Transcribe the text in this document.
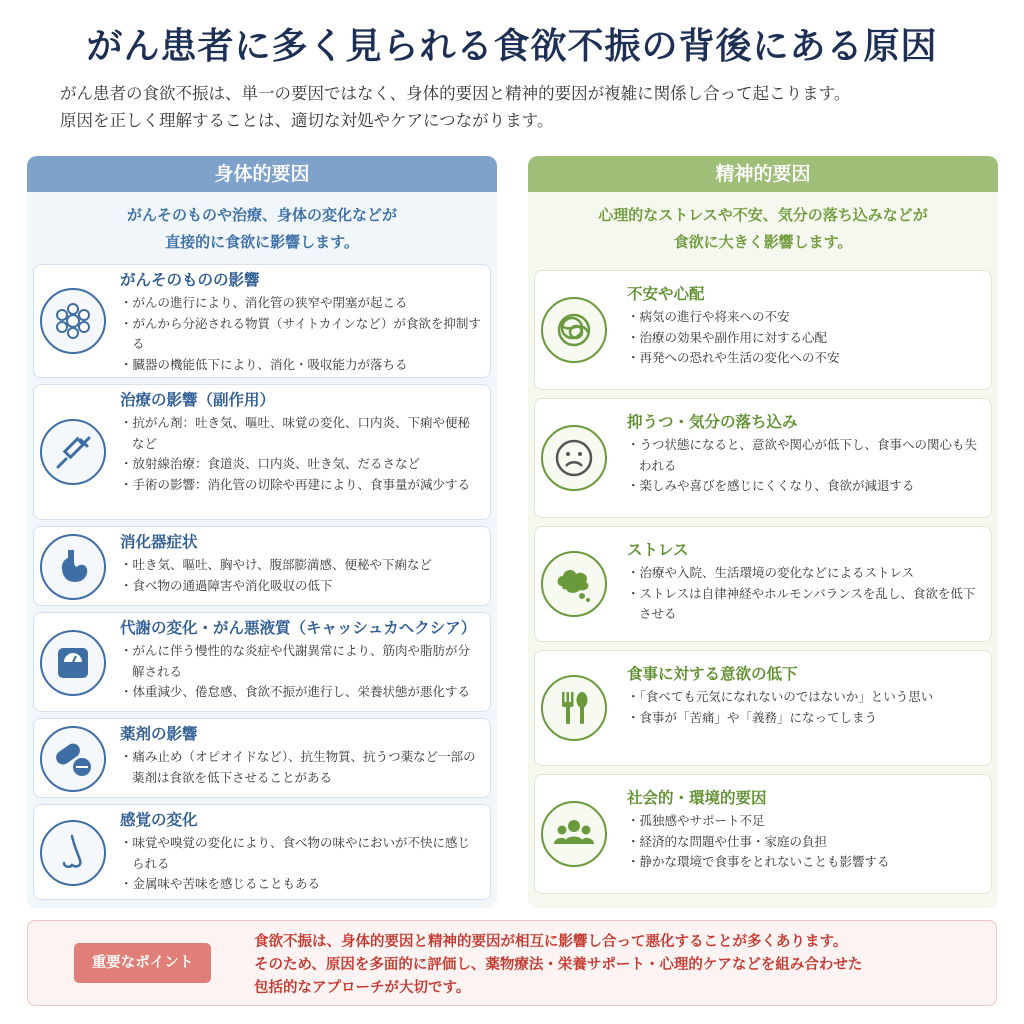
がん患者に多く見られる食欲不振の背後にある原因
がん患者の食欲不振は、単一の要因ではなく、身体的要因と精神的要因が複雑に関係し合って起こります。
原因を正しく理解することは、適切な対処やケアにつながります。
身体的要因
がんそのものや治療、身体の変化などが
直接的に食欲に影響します。
がんそのものの影響
・ がんの進行により、消化管の狭窄や閉塞が起こる
・ がんから分泌される物質（サイトカインなど）が食欲を抑制する
・ 臓器の機能低下により、消化・吸収能力が落ちる
治療の影響（副作用）
・ 抗がん剤：吐き気、嘔吐、味覚の変化、口内炎、下痢や便秘など
・ 放射線治療：食道炎、口内炎、吐き気、だるさなど
・ 手術の影響：消化管の切除や再建により、食事量が減少する
消化器症状
・ 吐き気、嘔吐、胸やけ、腹部膨満感、便秘や下痢など
・ 食べ物の通過障害や消化吸収の低下
代謝の変化・がん悪液質（キャッシュカヘクシア）
・ がんに伴う慢性的な炎症や代謝異常により、筋肉や脂肪が分解される
・ 体重減少、倦怠感、食欲不振が進行し、栄養状態が悪化する
薬剤の影響
・ 痛み止め（オピオイドなど）、抗生物質、抗うつ薬など一部の薬剤は食欲を低下させることがある
感覚の変化
・ 味覚や嗅覚の変化により、食べ物の味やにおいが不快に感じられる
・ 金属味や苦味を感じることもある
精神的要因
心理的なストレスや不安、気分の落ち込みなどが
食欲に大きく影響します。
不安や心配
・ 病気の進行や将来への不安
・ 治療の効果や副作用に対する心配
・ 再発への恐れや生活の変化への不安
抑うつ・気分の落ち込み
・ うつ状態になると、意欲や関心が低下し、食事への関心も失われる
・ 楽しみや喜びを感じにくくなり、食欲が減退する
ストレス
・ 治療や入院、生活環境の変化などによるストレス
・ ストレスは自律神経やホルモンバランスを乱し、食欲を低下させる
食事に対する意欲の低下
・ 「食べても元気になれないのではないか」という思い
・ 食事が「苦痛」や「義務」になってしまう
社会的・環境的要因
・ 孤独感やサポート不足
・ 経済的な問題や仕事・家庭の負担
・ 静かな環境で食事をとれないことも影響する
重要なポイント
食欲不振は、身体的要因と精神的要因が相互に影響し合って悪化することが多くあります。
そのため、原因を多面的に評価し、薬物療法・栄養サポート・心理的ケアなどを組み合わせた
包括的なアプローチが大切です。
